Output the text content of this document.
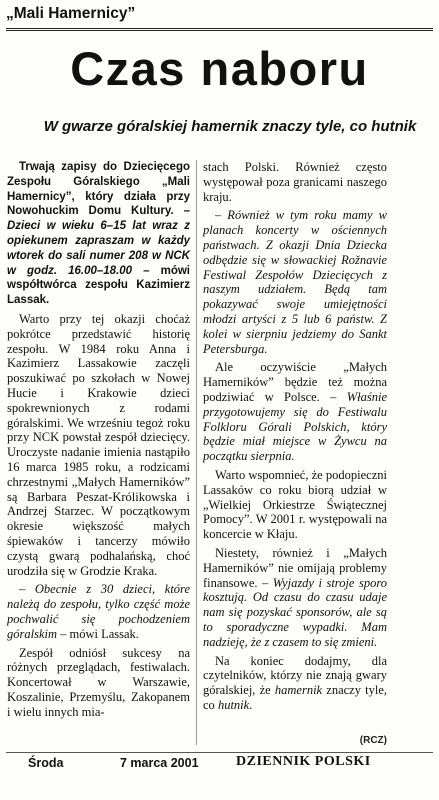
„Mali Hamernicy”
Czas naboru
W gwarze góralskiej hamernik znaczy tyle, co hutnik

Trwają zapisy do Dziecięcego Zespołu Góralskiego „Mali Hamernicy”, który działa przy Nowohuckim Domu Kultury. – Dzieci w wieku 6–15 lat wraz z opiekunem zapraszam w każdy wtorek do sali numer 208 w NCK w godz. 16.00–18.00 – mówi współtwórca zespołu Kazimierz Lassak.

Warto przy tej okazji choćaż pokrótce przedstawić historię zespołu. W 1984 roku Anna i Kazimierz Lassakowie zaczęli poszukiwać po szkołach w Nowej Hucie i Krakowie dzieci spokrewnionych z rodami góralskimi. We wrześniu tegoż roku przy NCK powstał zespół dziecięcy. Uroczyste nadanie imienia nastąpiło 16 marca 1985 roku, a rodzicami chrzestnymi „Małych Hamerników” są Barbara Peszat-Królikowska i Andrzej Starzec. W początkowym okresie większość małych śpiewaków i tancerzy mówiło czystą gwarą podhalańską, choć urodziła się w Grodzie Kraka.

– Obecnie z 30 dzieci, które należą do zespołu, tylko część może pochwalić się pochodzeniem góralskim – mówi Lassak.

Zespół odniósł sukcesy na różnych przeglądach, festiwalach. Koncertował w Warszawie, Koszalinie, Przemyślu, Zakopanem i wielu innych mia-

stach Polski. Również często występował poza granicami naszego kraju.

– Również w tym roku mamy w planach koncerty w ościennych państwach. Z okazji Dnia Dziecka odbędzie się w słowackiej Rožnavie Festiwal Zespołów Dziecięcych z naszym udziałem. Będą tam pokazywać swoje umiejętności młodzi artyści z 5 lub 6 państw. Z kolei w sierpniu jedziemy do Sankt Petersburga.

Ale oczywiście „Małych Hamerników” będzie też można podziwiać w Polsce. – Właśnie przygotowujemy się do Festiwalu Folkloru Górali Polskich, który będzie miał miejsce w Żywcu na początku sierpnia.

Warto wspomnieć, że podopieczni Lassaków co roku biorą udział w „Wielkiej Orkiestrze Świątecznej Pomocy”. W 2001 r. występowali na koncercie w Kłaju.

Niestety, również i „Małych Hamerników” nie omijają problemy finansowe. – Wyjazdy i stroje sporo kosztują. Od czasu do czasu udaje nam się pozyskać sponsorów, ale są to sporadyczne wypadki. Mam nadzieję, że z czasem to się zmieni.

Na koniec dodajmy, dla czytelników, którzy nie znają gwary góralskiej, że hamernik znaczy tyle, co hutnik.

(RCZ)
Środa	7 marca 2001	DZIENNIK POLSKI
